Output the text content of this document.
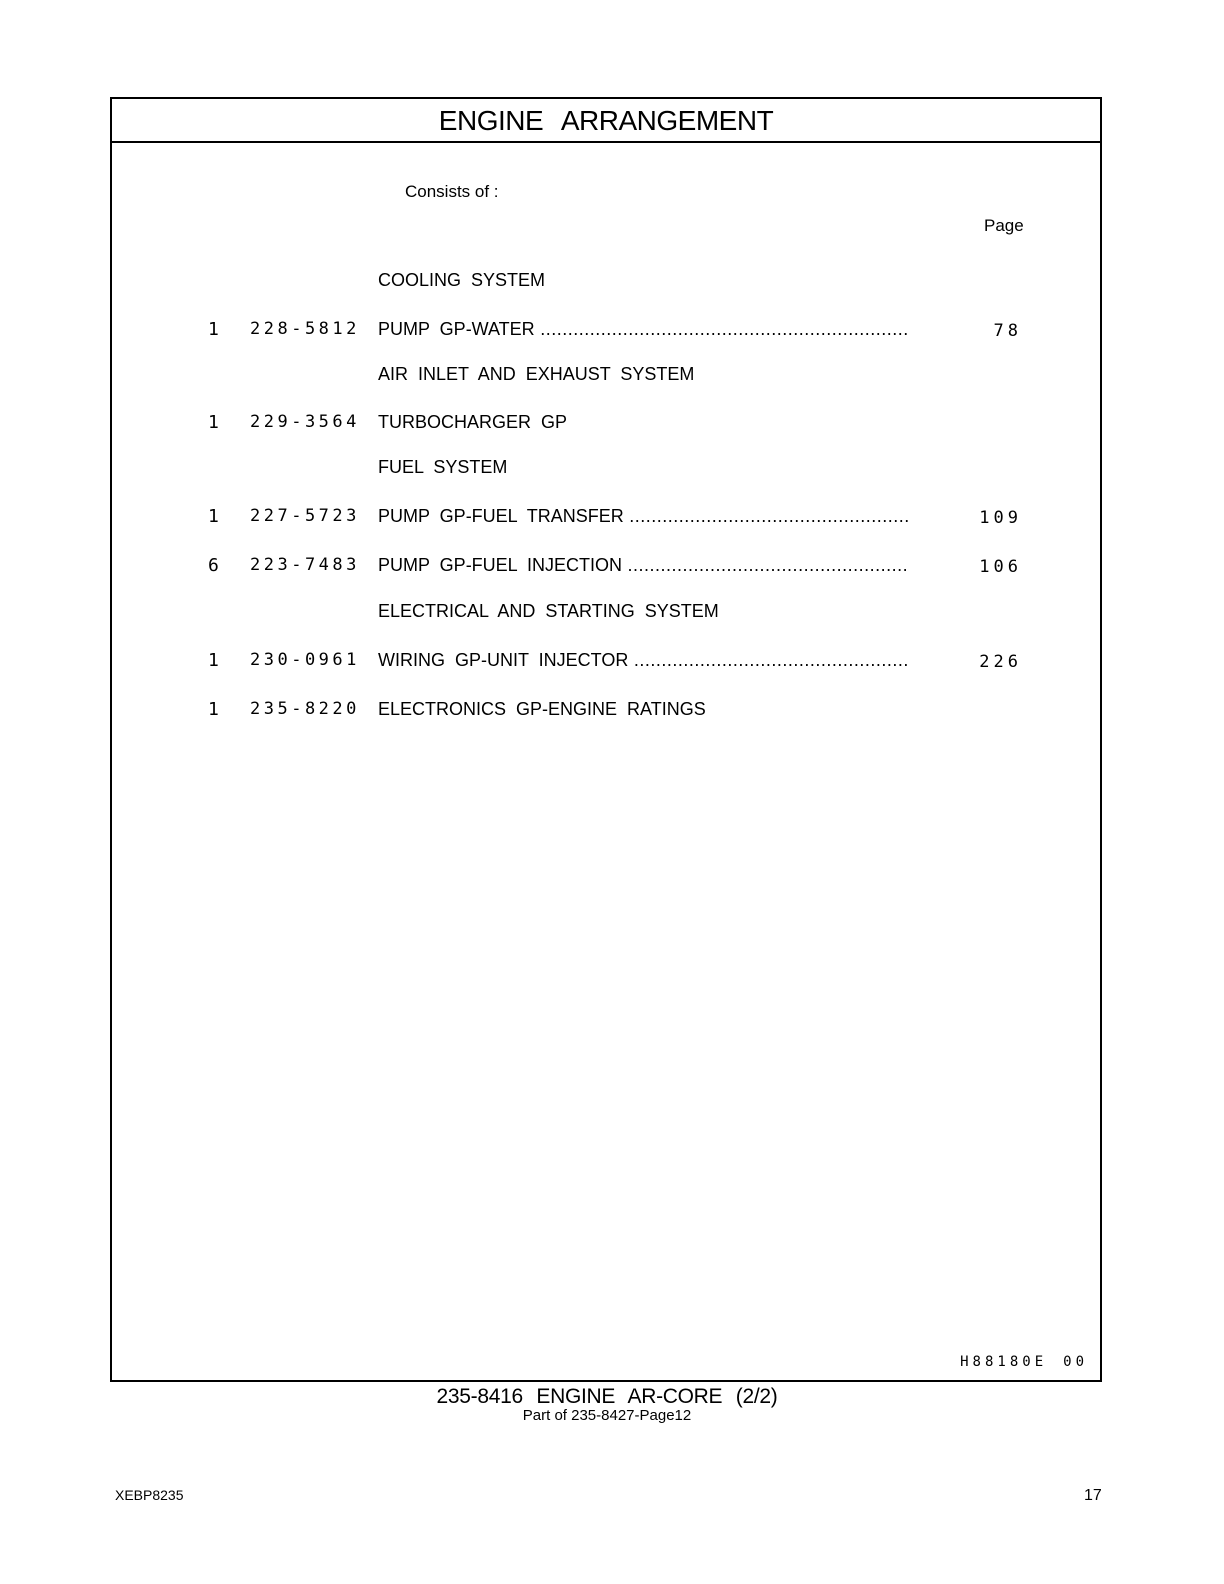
ENGINE ARRANGEMENT
Consists of :
Page
COOLING SYSTEM
1 228-5812 PUMP GP-WATER .....	78
AIR INLET AND EXHAUST SYSTEM
1 229-3564 TURBOCHARGER GP
FUEL SYSTEM
1 227-5723 PUMP GP-FUEL TRANSFER .....	109
6 223-7483 PUMP GP-FUEL INJECTION .....	106
ELECTRICAL AND STARTING SYSTEM
1 230-0961 WIRING GP-UNIT INJECTOR .....	226
1 235-8220 ELECTRONICS GP-ENGINE RATINGS
H88180E 00
235-8416 ENGINE AR-CORE (2/2)
Part of 235-8427-Page12
XEBP8235	17
